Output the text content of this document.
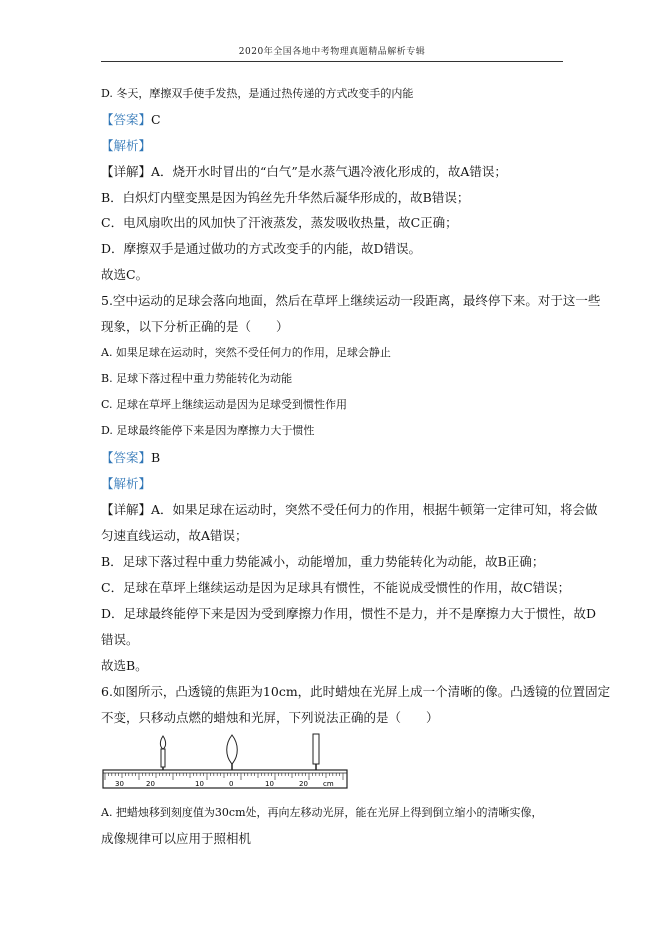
2020年全国各地中考物理真题精品解析专辑
D. 冬天，摩擦双手使手发热，是通过热传递的方式改变手的内能
【答案】C
【解析】
【详解】A．烧开水时冒出的“白气”是水蒸气遇冷液化形成的，故A错误；
B．白炽灯内壁变黑是因为钨丝先升华然后凝华形成的，故B错误；
C．电风扇吹出的风加快了汗液蒸发，蒸发吸收热量，故C正确；
D．摩擦双手是通过做功的方式改变手的内能，故D错误。
故选C。
5.空中运动的足球会落向地面，然后在草坪上继续运动一段距离，最终停下来。对于这一些
现象，以下分析正确的是（　　）
A. 如果足球在运动时，突然不受任何力的作用，足球会静止
B. 足球下落过程中重力势能转化为动能
C. 足球在草坪上继续运动是因为足球受到惯性作用
D. 足球最终能停下来是因为摩擦力大于惯性
【答案】B
【解析】
【详解】A．如果足球在运动时，突然不受任何力的作用，根据牛顿第一定律可知，将会做
匀速直线运动，故A错误；
B．足球下落过程中重力势能减小，动能增加，重力势能转化为动能，故B正确；
C．足球在草坪上继续运动是因为足球具有惯性，不能说成受惯性的作用，故C错误；
D．足球最终能停下来是因为受到摩擦力作用，惯性不是力，并不是摩擦力大于惯性，故D
错误。
故选B。
6.如图所示，凸透镜的焦距为10cm，此时蜡烛在光屏上成一个清晰的像。凸透镜的位置固定
不变，只移动点燃的蜡烛和光屏，下列说法正确的是（　　）
30	20	10	0	10	20 cm
A. 把蜡烛移到刻度值为30cm处，再向左移动光屏，能在光屏上得到倒立缩小的清晰实像，
成像规律可以应用于照相机
